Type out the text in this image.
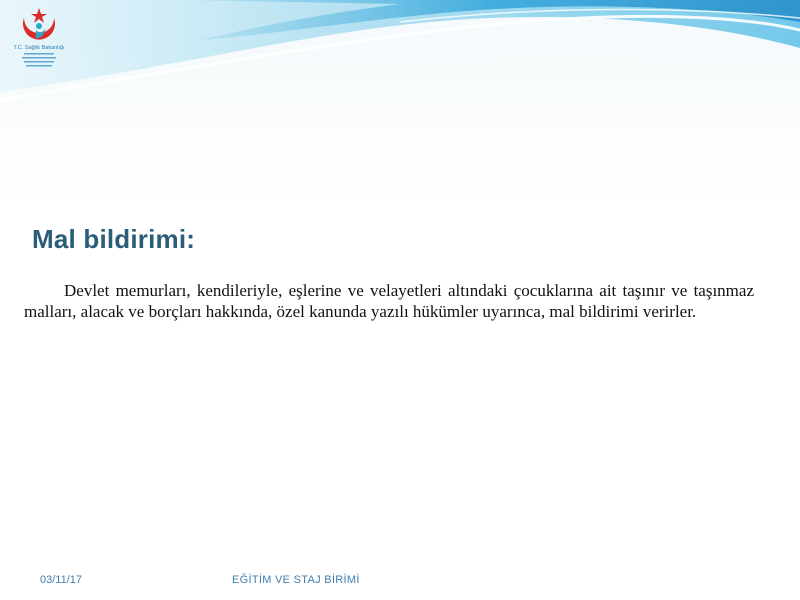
T.C. Sağlık Bakanlığı
Mal bildirimi:
Devlet memurları, kendileriyle, eşlerine ve velayetleri altındaki çocuklarına ait taşınır ve taşınmaz malları, alacak ve borçları hakkında, özel kanunda yazılı hükümler uyarınca, mal bildirimi verirler.
03/11/17	EĞİTİM VE STAJ BİRİMİ
